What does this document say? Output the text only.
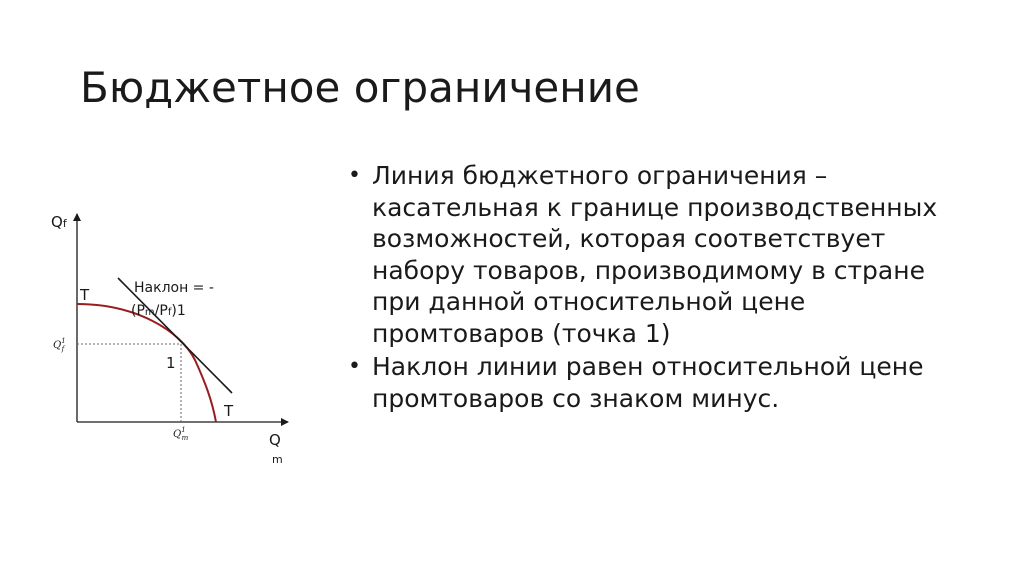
Бюджетное ограничение
• Линия бюджетного ограничения – касательная к границе производственных возможностей, которая соответствует набору товаров, производимому в стране при данной относительной цене промтоваров (точка 1)
• Наклон линии равен относительной цене промтоваров со знаком минус.
Qf
Q
m
T
T
1
Наклон = -
(Pm/Pf)1
$Q^1$ f
$Q^1$ m
